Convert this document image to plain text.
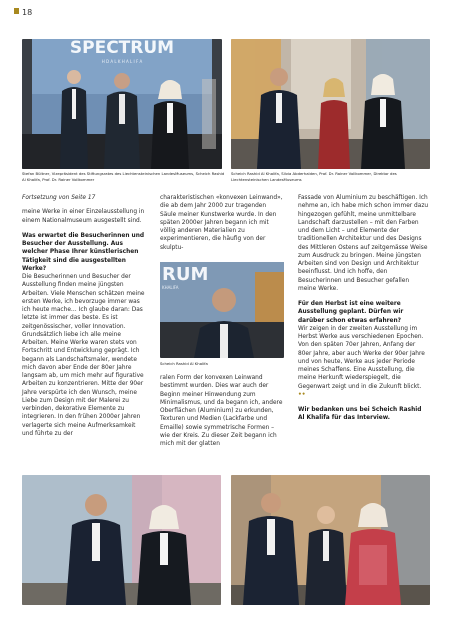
18
SPECTRUM
H D A L K H A L I F A
Stefan Bültner, Vizepräsident des Stiftungsrates des Liechtensteinischen LandesMuseums, Scheich Rashid Al Khalifa, Prof. Dr. Rainer Vollkommer
Scheich Rashid Al Khalifa, Silvia Abderhalden, Prof. Dr. Rainer Vollkommer, Direktor des Liechtensteinischen LandesMuseums

Fortsetzung von Seite 17

meine Werke in einer Einzelausstellung in einem Nationalmuseum ausgestellt sind.

Was erwartet die Besucherinnen und Besucher der Ausstellung. Aus welcher Phase Ihrer künstlerischen Tätigkeit sind die ausgestellten Werke?

Die Besucherinnen und Besucher der Ausstellung finden meine jüngsten Arbeiten. Viele Menschen schätzen meine ersten Werke, ich bevorzuge immer was ich heute mache… Ich glaube daran: Das letzte ist immer das beste. Es ist zeitgenössischer, voller Innovation. Grundsätzlich liebe ich alle meine Arbeiten. Meine Werke waren stets von Fortschritt und Entwicklung geprägt. Ich begann als Landschaftsmaler, wendete mich davon aber Ende der 80er Jahre langsam ab, um mich mehr auf figurative Arbeiten zu konzentrieren. Mitte der 90er Jahre verspürte ich den Wunsch, meine Liebe zum Design mit der Malerei zu verbinden, dekorative Elemente zu integrieren. In den frühen 2000er Jahren verlagerte sich meine Aufmerksamkeit und führte zu der

charakteristischen «konvexen Leinwand», die ab dem Jahr 2000 zur tragenden Säule meiner Kunstwerke wurde. In den späten 2000er Jahren begann ich mit völlig anderen Materialien zu experimentieren, die häufig von der skulptu-

RUM
KHALIFA
Scheich Rashid Al Khalifa

ralen Form der konvexen Leinwand bestimmt wurden. Dies war auch der Beginn meiner Hinwendung zum Minimalismus, und da begann ich, andere Oberflächen (Aluminium) zu erkunden, Texturen und Medien (Lackfarbe und Emaille) sowie symmetrische Formen – wie der Kreis. Zu dieser Zeit begann ich mich mit der glatten

Fassade von Aluminium zu beschäftigen. Ich nehme an, ich habe mich schon immer dazu hingezogen gefühlt, meine unmittelbare Landschaft darzustellen – mit den Farben und dem Licht – und Elemente der traditionellen Architektur und des Designs des Mittleren Ostens auf zeitgemässe Weise zum Ausdruck zu bringen. Meine jüngsten Arbeiten sind von Design und Architektur beeinflusst. Und ich hoffe, den Besucherinnen und Besucher gefallen meine Werke.

Für den Herbst ist eine weitere Ausstellung geplant. Dürfen wir darüber schon etwas erfahren?

Wir zeigen in der zweiten Ausstellung im Herbst Werke aus verschiedenen Epochen. Von den späten 70er Jahren, Anfang der 80er Jahre, aber auch Werke der 90er Jahre und von heute, Werke aus jeder Periode meines Schaffens. Eine Ausstellung, die meine Herkunft wiederspiegelt, die Gegenwart zeigt und in die Zukunft blickt. ••

Wir bedanken uns bei Scheich Rashid Al Khalifa für das Interview.
